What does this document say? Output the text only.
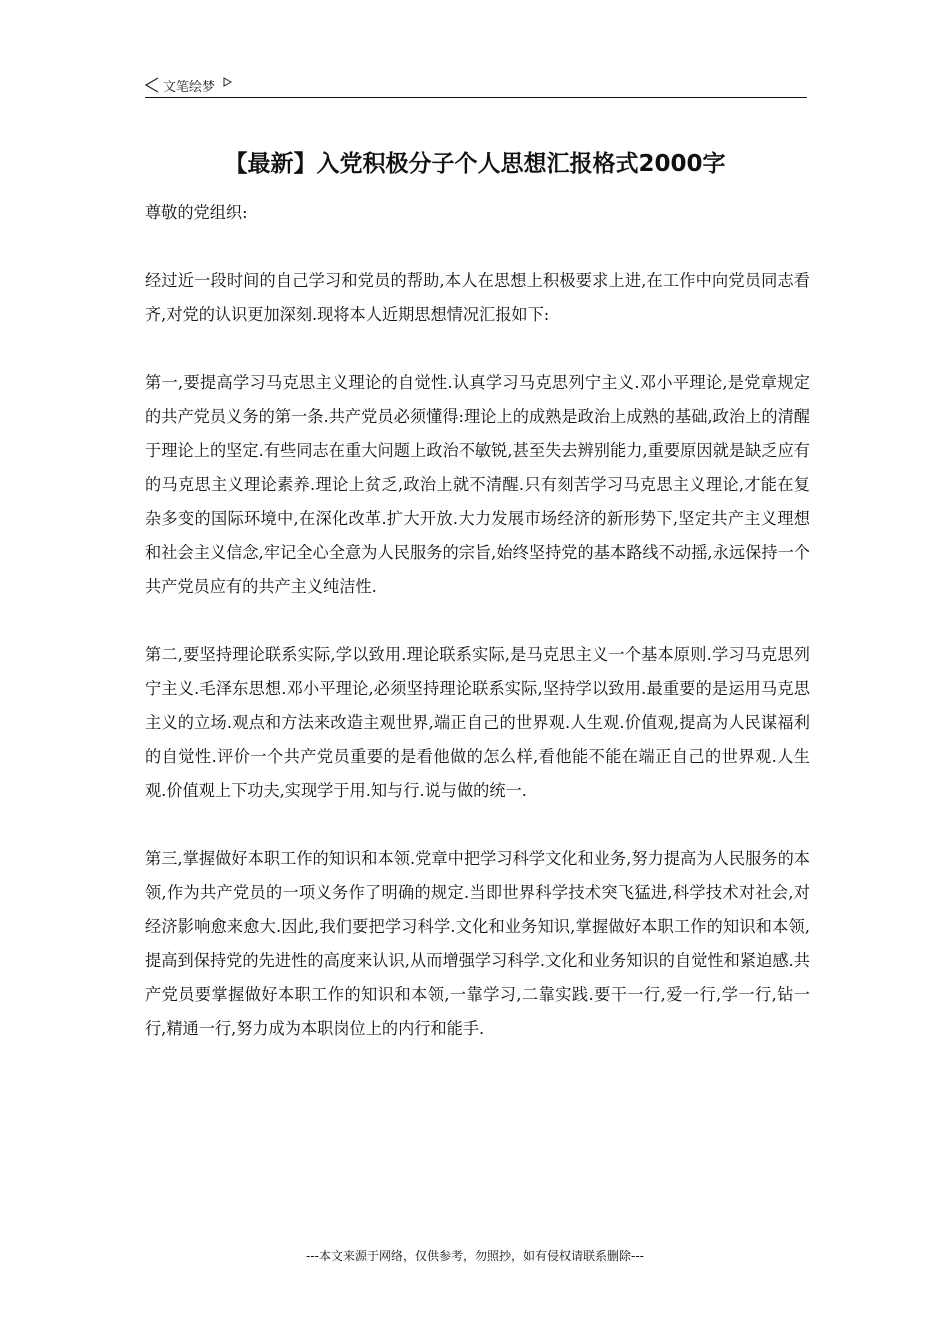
文笔绘梦
【最新】入党积极分子个人思想汇报格式2000字

尊敬的党组织:

经过近一段时间的自己学习和党员的帮助,本人在思想上积极要求上进,在工作中向党员同志看齐,对党的认识更加深刻.现将本人近期思想情况汇报如下:

第一,要提高学习马克思主义理论的自觉性.认真学习马克思列宁主义.邓小平理论,是党章规定的共产党员义务的第一条.共产党员必须懂得:理论上的成熟是政治上成熟的基础,政治上的清醒于理论上的坚定.有些同志在重大问题上政治不敏锐,甚至失去辨别能力,重要原因就是缺乏应有的马克思主义理论素养.理论上贫乏,政治上就不清醒.只有刻苦学习马克思主义理论,才能在复杂多变的国际环境中,在深化改革.扩大开放.大力发展市场经济的新形势下,坚定共产主义理想和社会主义信念,牢记全心全意为人民服务的宗旨,始终坚持党的基本路线不动摇,永远保持一个共产党员应有的共产主义纯洁性.

第二,要坚持理论联系实际,学以致用.理论联系实际,是马克思主义一个基本原则.学习马克思列宁主义.毛泽东思想.邓小平理论,必须坚持理论联系实际,坚持学以致用.最重要的是运用马克思主义的立场.观点和方法来改造主观世界,端正自己的世界观.人生观.价值观,提高为人民谋福利的自觉性.评价一个共产党员重要的是看他做的怎么样,看他能不能在端正自己的世界观.人生观.价值观上下功夫,实现学于用.知与行.说与做的统一.

第三,掌握做好本职工作的知识和本领.党章中把学习科学文化和业务,努力提高为人民服务的本领,作为共产党员的一项义务作了明确的规定.当即世界科学技术突飞猛进,科学技术对社会,对经济影响愈来愈大.因此,我们要把学习科学.文化和业务知识,掌握做好本职工作的知识和本领,提高到保持党的先进性的高度来认识,从而增强学习科学.文化和业务知识的自觉性和紧迫感.共产党员要掌握做好本职工作的知识和本领,一靠学习,二靠实践.要干一行,爱一行,学一行,钻一行,精通一行,努力成为本职岗位上的内行和能手.

---本文来源于网络，仅供参考，勿照抄，如有侵权请联系删除---
